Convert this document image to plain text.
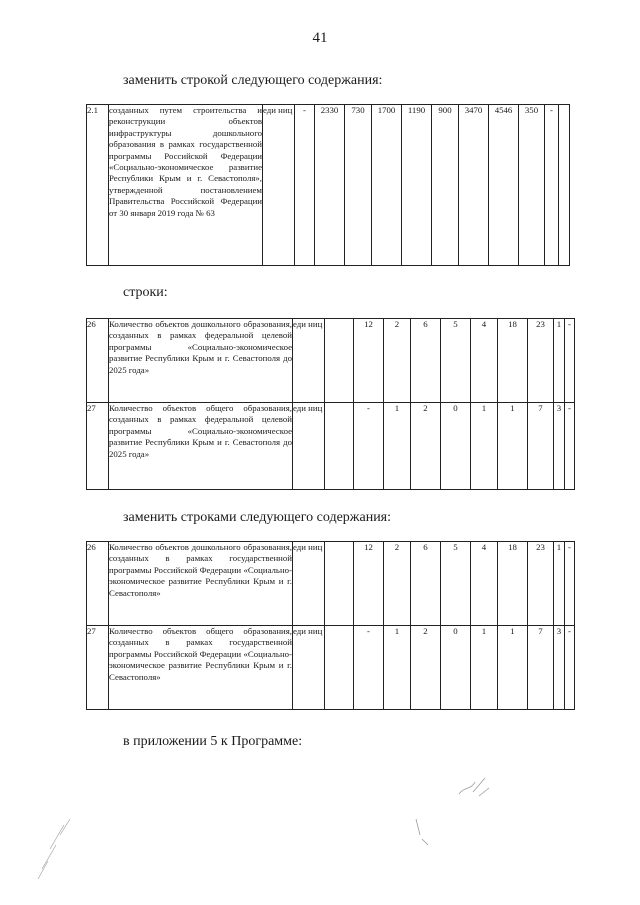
41
заменить строкой следующего содержания:
2.1	созданных путем строительства и реконструкции объектов инфраструктуры дошкольного образования в рамках государственной программы Российской Федерации «Социально-экономическое развитие Республики Крым и г. Севастополя», утвержденной постановлением Правительства Российской Федерации от 30 января 2019 года № 63	еди ниц	-	2330	730	1700	1190	900	3470	4546	350	-	
строки:
26	Количество объектов дошкольного образования, созданных в рамках федеральной целевой программы «Социально-экономическое развитие Республики Крым и г. Севастополя до 2025 года»	еди ниц		12	2	6	5	4	18	23	1	-
27	Количество объектов общего образования, созданных в рамках федеральной целевой программы «Социально-экономическое развитие Республики Крым и г. Севастополя до 2025 года»	еди ниц		-	1	2	0	1	1	7	3	-
заменить строками следующего содержания:
26	Количество объектов дошкольного образования, созданных в рамках государственной программы Российской Федерации «Социально-экономическое развитие Республики Крым и г. Севастополя»	еди ниц		12	2	6	5	4	18	23	1	-
27	Количество объектов общего образования, созданных в рамках государственной программы Российской Федерации «Социально-экономическое развитие Республики Крым и г. Севастополя»	еди ниц		-	1	2	0	1	1	7	3	-
в приложении 5 к Программе:
